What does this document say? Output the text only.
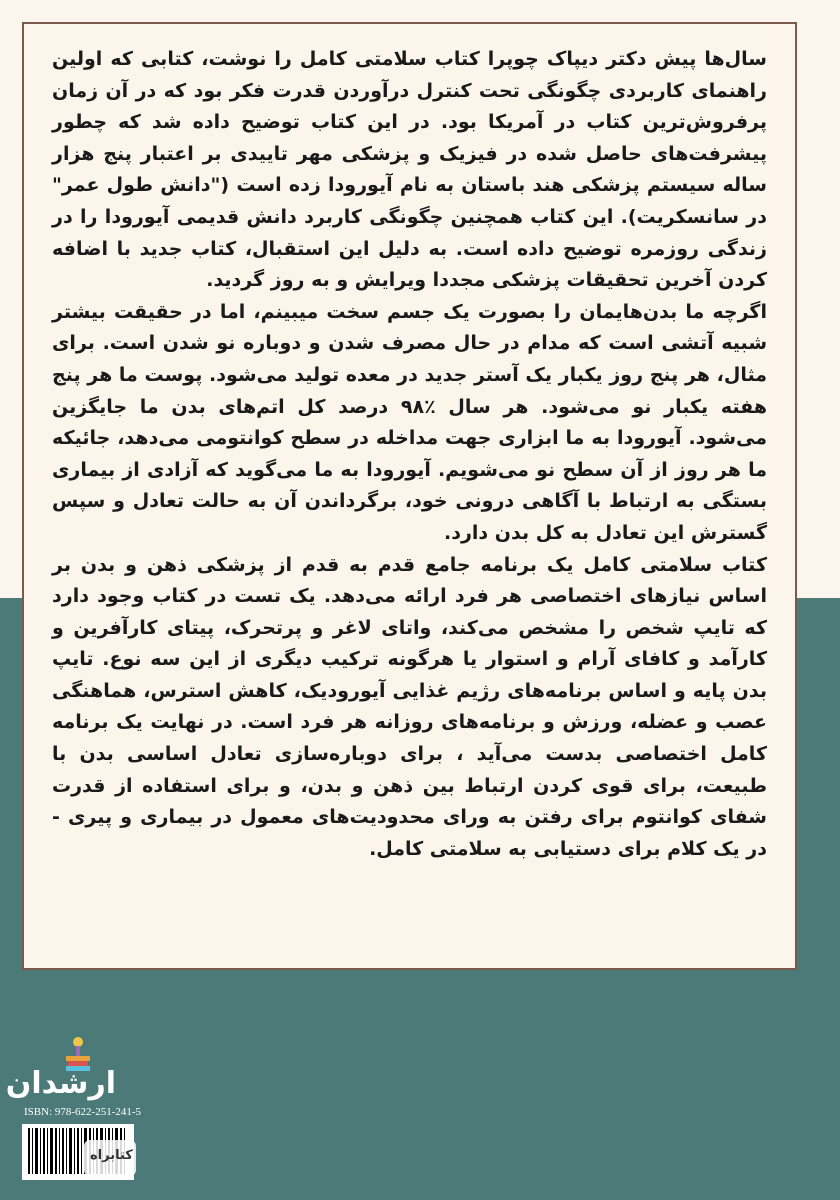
سال‌ها پیش دکتر دیپاک چوپرا کتاب سلامتی کامل را نوشت، کتابی که اولین راهنمای کاربردی چگونگی تحت کنترل درآوردن قدرت فکر بود که در آن زمان پرفروش‌ترین کتاب در آمریکا بود. در این کتاب توضیح داده شد که چطور پیشرفت‌های حاصل شده در فیزیک و پزشکی مهر تاییدی بر اعتبار پنج هزار ساله سیستم پزشکی هند باستان به نام آیورودا زده است ("دانش طول عمر" در سانسکریت). این کتاب همچنین چگونگی کاربرد دانش قدیمی آیورودا را در زندگی روزمره توضیح داده است. به دلیل این استقبال، کتاب جدید با اضافه کردن آخرین تحقیقات پزشکی مجددا ویرایش و به روز گردید.

اگرچه ما بدن‌هایمان را بصورت یک جسم سخت میبینم، اما در حقیقت بیشتر شبیه آتشی است که مدام در حال مصرف شدن و دوباره نو شدن است. برای مثال، هر پنج روز یکبار یک آستر جدید در معده تولید می‌شود. پوست ما هر پنج هفته یکبار نو می‌شود. هر سال ٪۹۸ درصد کل اتم‌های بدن ما جایگزین می‌شود. آیورودا به ما ابزاری جهت مداخله در سطح کوانتومی می‌دهد، جائیکه ما هر روز از آن سطح نو می‌شویم. آیورودا به ما می‌گوید که آزادی از بیماری بستگی به ارتباط با آگاهی درونی خود، برگرداندن آن به حالت تعادل و سپس گسترش این تعادل به کل بدن دارد.

کتاب سلامتی کامل یک برنامه جامع قدم به قدم از پزشکی ذهن و بدن بر اساس نیازهای اختصاصی هر فرد ارائه می‌دهد. یک تست در کتاب وجود دارد که تایپ شخص را مشخص می‌کند، واتای لاغر و پرتحرک، پیتای کارآفرین و کارآمد و کافای آرام و استوار یا هرگونه ترکیب دیگری از این سه نوع. تایپ بدن پایه و اساس برنامه‌های رژیم غذایی آیورودیک، کاهش استرس، هماهنگی عصب و عضله، ورزش و برنامه‌های روزانه هر فرد است. در نهایت یک برنامه کامل اختصاصی بدست می‌آید ، برای دوباره‌سازی تعادل اساسی بدن با طبیعت، برای قوی کردن ارتباط بین ذهن و بدن، و برای استفاده از قدرت شفای کوانتوم برای رفتن به ورای محدودیت‌های معمول در بیماری و پیری - در یک کلام برای دستیابی به سلامتی کامل.

ارشدان
ISBN: 978-622-251-241-5
کتابراه
